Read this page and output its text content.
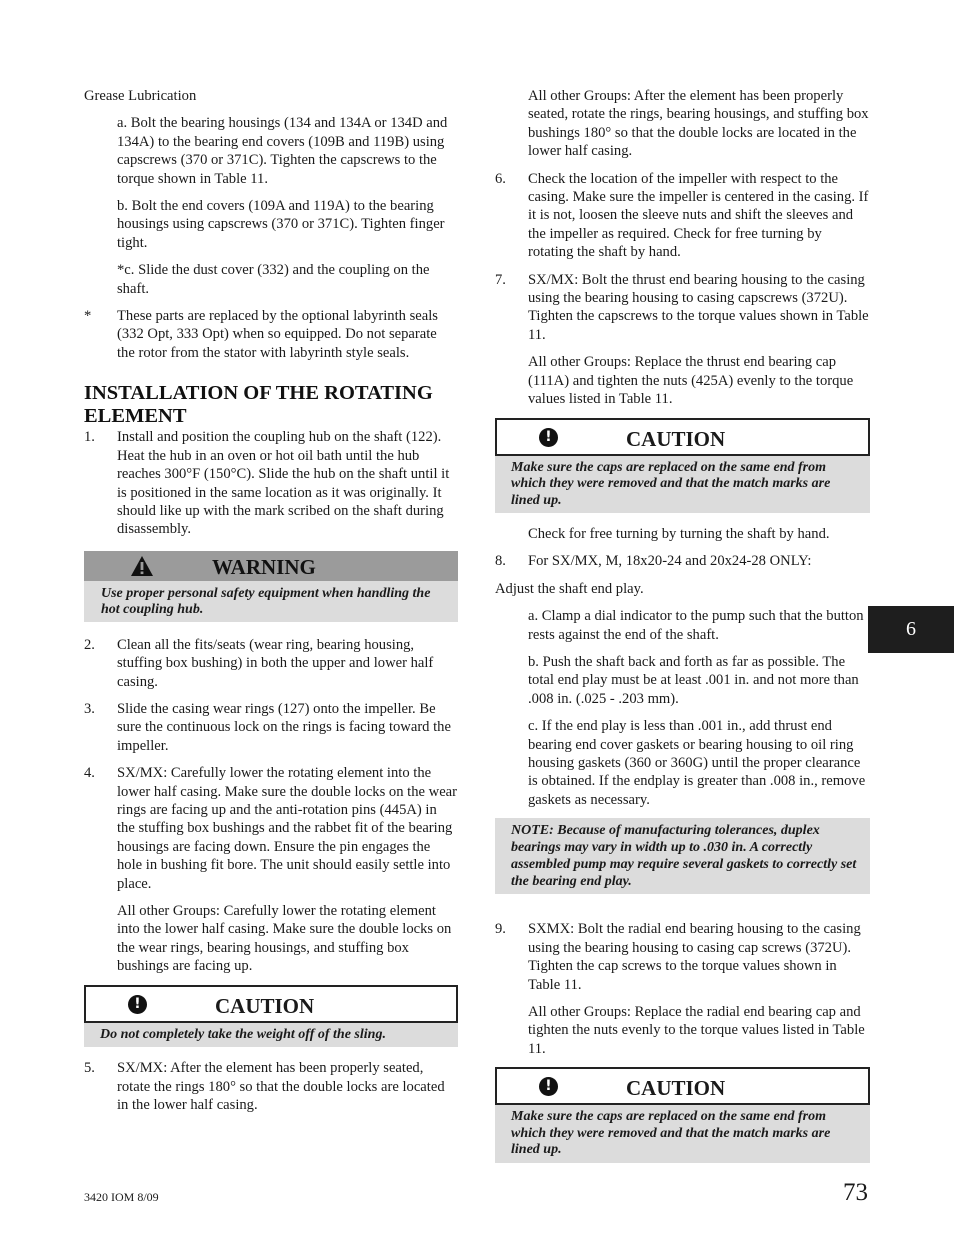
Grease Lubrication

a. Bolt the bearing housings (134 and 134A or 134D and 134A) to the bearing end covers (109B and 119B) using capscrews (370 or 371C). Tighten the capscrews to the torque shown in Table 11.

b. Bolt the end covers (109A and 119A) to the bearing housings using capscrews (370 or 371C). Tighten finger tight.

*c. Slide the dust cover (332) and the coupling on the shaft.

* These parts are replaced by the optional labyrinth seals (332 Opt, 333 Opt) when so equipped. Do not separate the rotor from the stator with labyrinth style seals.
INSTALLATION OF THE ROTATING ELEMENT
1. Install and position the coupling hub on the shaft (122). Heat the hub in an oven or hot oil bath until the hub reaches 300°F (150°C). Slide the hub on the shaft until it is positioned in the same location as it was originally. It should like up with the mark scribed on the shaft during disassembly.
WARNING
Use proper personal safety equipment when handling the hot coupling hub.
2. Clean all the fits/seats (wear ring, bearing housing, stuffing box bushing) in both the upper and lower half casing.
3. Slide the casing wear rings (127) onto the impeller. Be sure the continuous lock on the rings is facing toward the impeller.
4. SX/MX: Carefully lower the rotating element into the lower half casing. Make sure the double locks on the wear rings are facing up and the anti-rotation pins (445A) in the stuffing box bushings and the rabbet fit of the bearing housings are facing down. Ensure the pin engages the hole in bushing fit bore. The unit should easily settle into place.

All other Groups: Carefully lower the rotating element into the lower half casing. Make sure the double locks on the wear rings, bearing housings, and stuffing box bushings are facing up.

!	CAUTION
Do not completely take the weight off of the sling.
5. SX/MX: After the element has been properly seated, rotate the rings 180° so that the double locks are located in the lower half casing.

All other Groups: After the element has been properly seated, rotate the rings, bearing housings, and stuffing box bushings 180° so that the double locks are located in the lower half casing.

6. Check the location of the impeller with respect to the casing. Make sure the impeller is centered in the casing. If it is not, loosen the sleeve nuts and shift the sleeves and the impeller as required. Check for free turning by rotating the shaft by hand.
7. SX/MX: Bolt the thrust end bearing housing to the casing using the bearing housing to casing capscrews (372U). Tighten the capscrews to the torque values shown in Table 11.

All other Groups: Replace the thrust end bearing cap (111A) and tighten the nuts (425A) evenly to the torque values listed in Table 11.

!	CAUTION
Make sure the caps are replaced on the same end from which they were removed and that the match marks are lined up.

Check for free turning by turning the shaft by hand.

8. For SX/MX, M, 18x20-24 and 20x24-28 ONLY:

Adjust the shaft end play.

a. Clamp a dial indicator to the pump such that the button rests against the end of the shaft.

b. Push the shaft back and forth as far as possible. The total end play must be at least .001 in. and not more than .008 in. (.025 - .203 mm).

c. If the end play is less than .001 in., add thrust end bearing end cover gaskets or bearing housing to oil ring housing gaskets (360 or 360G) until the proper clearance is obtained. If the endplay is greater than .008 in., remove gaskets as necessary.

NOTE: Because of manufacturing tolerances, duplex bearings may vary in width up to .030 in. A correctly assembled pump may require several gaskets to correctly set the bearing end play.
9. SXMX: Bolt the radial end bearing housing to the casing using the bearing housing to casing cap screws (372U). Tighten the cap screws to the torque values shown in Table 11.

All other Groups: Replace the radial end bearing cap and tighten the nuts evenly to the torque values listed in Table 11.

!	CAUTION
Make sure the caps are replaced on the same end from which they were removed and that the match marks are lined up.
6
3420 IOM 8/09	73
